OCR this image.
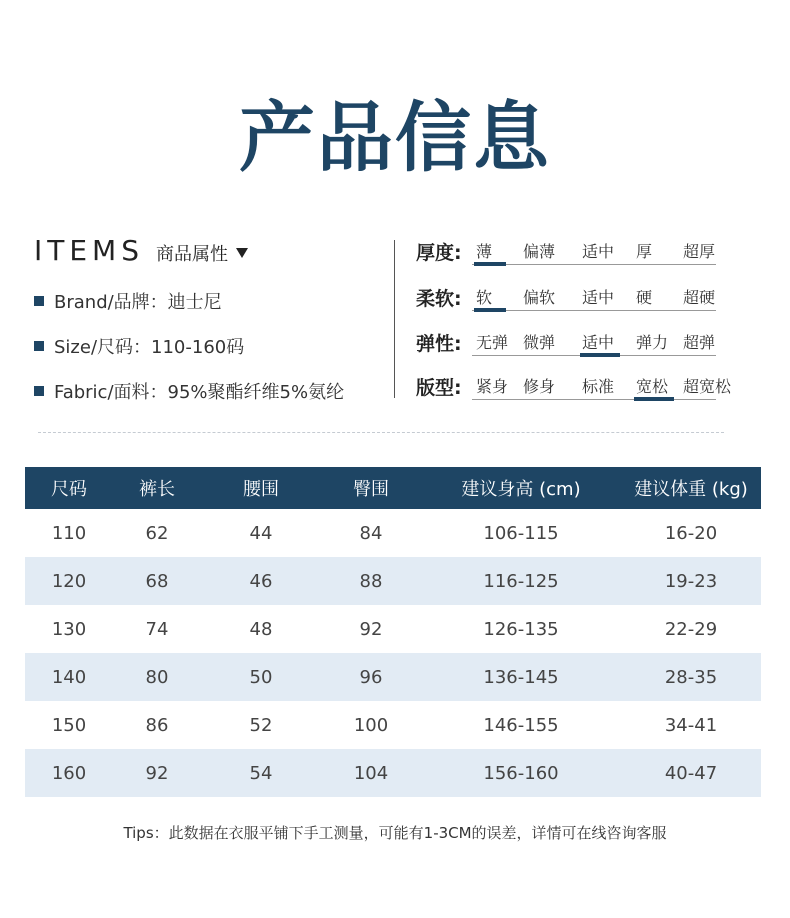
产品信息
ITEMS 商品属性
Brand/品牌：迪士尼
Size/尺码：110-160码
Fabric/面料：95%聚酯纤维5%氨纶
厚度: 薄 偏薄 适中 厚 超厚
柔软: 软 偏软 适中 硬 超硬
弹性: 无弹 微弹 适中 弹力 超弹
版型: 紧身 修身 标准 宽松 超宽松
尺码	裤长	腰围	臀围	建议身高 (cm)	建议体重 (kg)
110	62	44	84	106-115	16-20
120	68	46	88	116-125	19-23
130	74	48	92	126-135	22-29
140	80	50	96	136-145	28-35
150	86	52	100	146-155	34-41
160	92	54	104	156-160	40-47
Tips：此数据在衣服平铺下手工测量，可能有1-3CM的误差，详情可在线咨询客服
